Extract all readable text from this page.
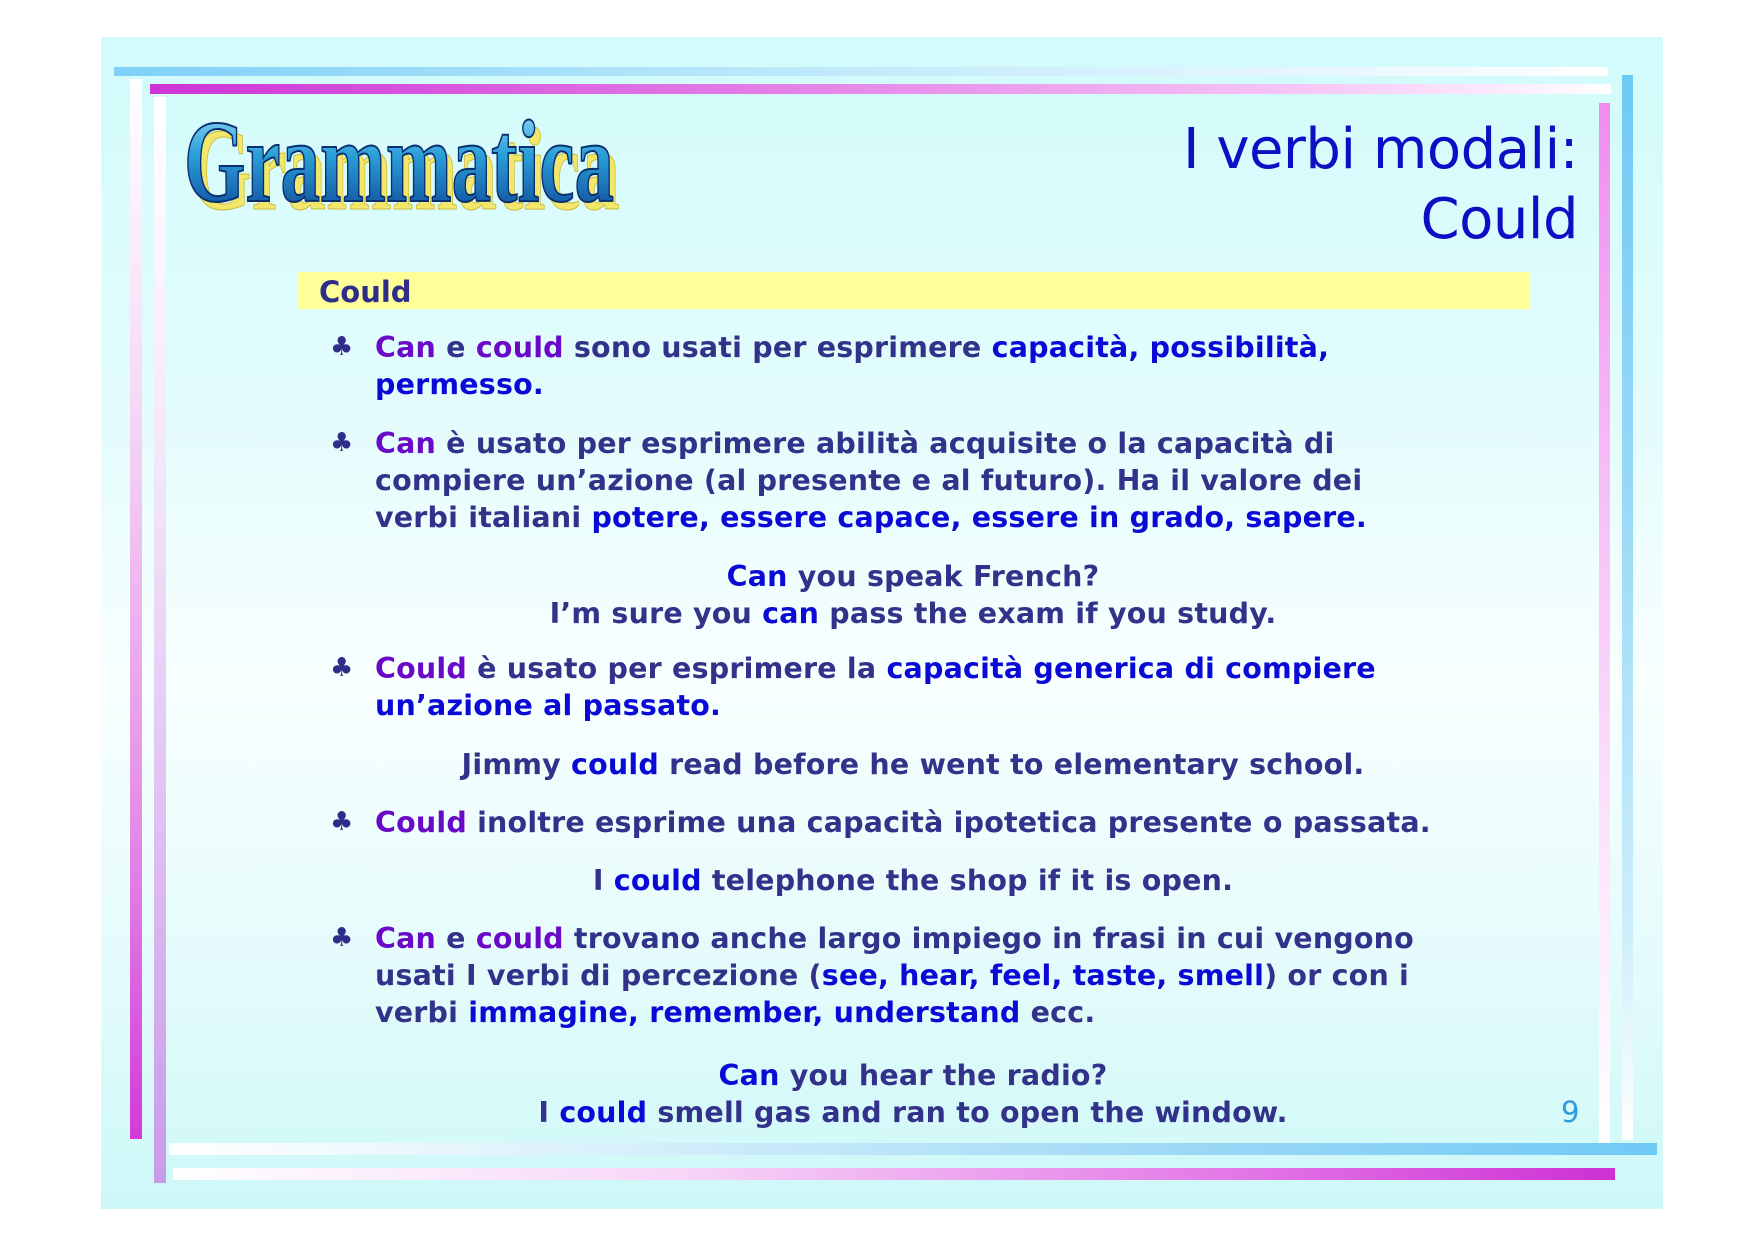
Grammatica
Grammatica	I verbi modali:
Could
Could
♣ Can e could sono usati per esprimere capacità, possibilità,
permesso.
♣ Can è usato per esprimere abilità acquisite o la capacità di
compiere un’azione (al presente e al futuro). Ha il valore dei
verbi italiani potere, essere capace, essere in grado, sapere.
Can you speak French?
I’m sure you can pass the exam if you study.
♣ Could è usato per esprimere la capacità generica di compiere
un’azione al passato.
Jimmy could read before he went to elementary school.
♣ Could inoltre esprime una capacità ipotetica presente o passata.
I could telephone the shop if it is open.
♣ Can e could trovano anche largo impiego in frasi in cui vengono
usati I verbi di percezione (see, hear, feel, taste, smell) or con i
verbi immagine, remember, understand ecc.
Can you hear the radio?
I could smell gas and ran to open the window.	9
